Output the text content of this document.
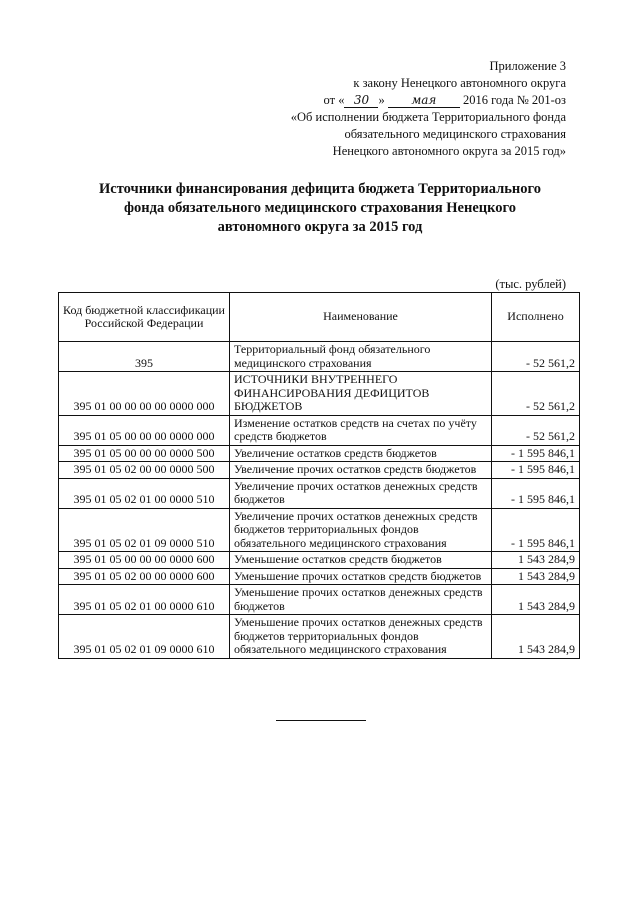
Приложение 3
к закону Ненецкого автономного округа
от « 30 » мая 2016 года № 201-оз
«Об исполнении бюджета Территориального фонда
обязательного медицинского страхования
Ненецкого автономного округа за 2015 год»
Источники финансирования дефицита бюджета Территориального
фонда обязательного медицинского страхования Ненецкого
автономного округа за 2015 год
(тыс. рублей)
Код бюджетной классификации Российской Федерации	Наименование	Исполнено
395	Территориальный фонд обязательного медицинского страхования	- 52 561,2
395 01 00 00 00 00 0000 000	ИСТОЧНИКИ ВНУТРЕННЕГО ФИНАНСИРОВАНИЯ ДЕФИЦИТОВ БЮДЖЕТОВ	- 52 561,2
395 01 05 00 00 00 0000 000	Изменение остатков средств на счетах по учёту средств бюджетов	- 52 561,2
395 01 05 00 00 00 0000 500	Увеличение остатков средств бюджетов	- 1 595 846,1
395 01 05 02 00 00 0000 500	Увеличение прочих остатков средств бюджетов	- 1 595 846,1
395 01 05 02 01 00 0000 510	Увеличение прочих остатков денежных средств бюджетов	- 1 595 846,1
395 01 05 02 01 09 0000 510	Увеличение прочих остатков денежных средств бюджетов территориальных фондов обязательного медицинского страхования	- 1 595 846,1
395 01 05 00 00 00 0000 600	Уменьшение остатков средств бюджетов	1 543 284,9
395 01 05 02 00 00 0000 600	Уменьшение прочих остатков средств бюджетов	1 543 284,9
395 01 05 02 01 00 0000 610	Уменьшение прочих остатков денежных средств бюджетов	1 543 284,9
395 01 05 02 01 09 0000 610	Уменьшение прочих остатков денежных средств бюджетов территориальных фондов обязательного медицинского страхования	1 543 284,9
